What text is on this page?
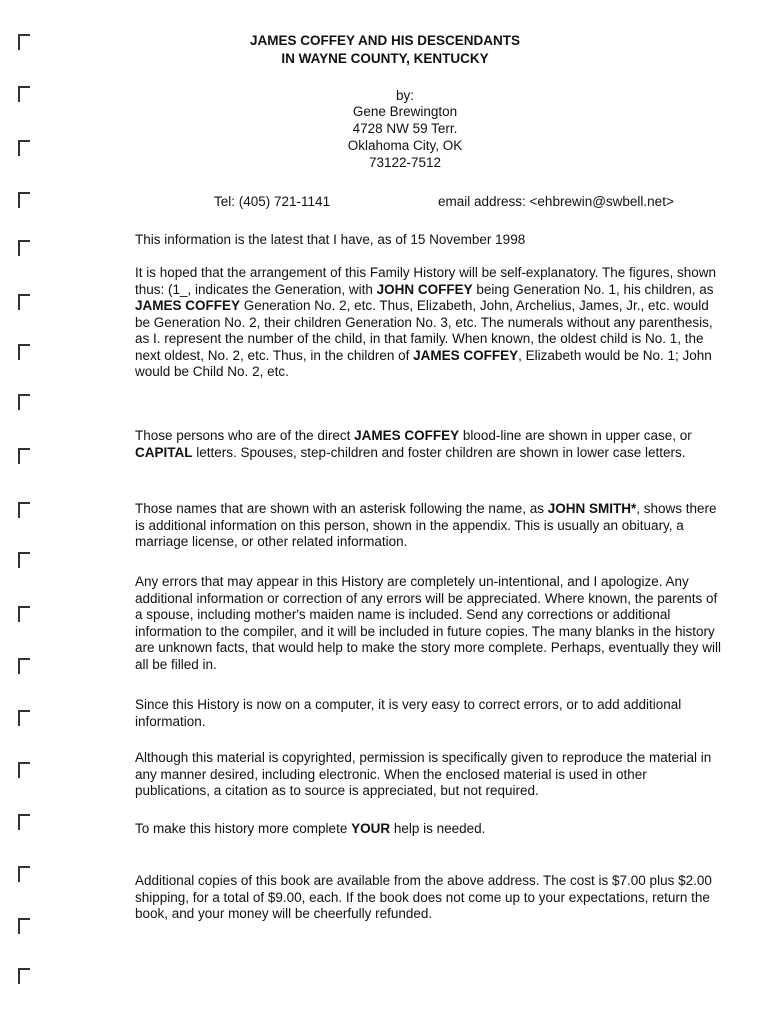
JAMES COFFEY AND HIS DESCENDANTS
IN WAYNE COUNTY, KENTUCKY
by:
Gene Brewington
4728 NW 59 Terr.
Oklahoma City, OK
73122-7512
Tel: (405) 721-1141	email address: <ehbrewin@swbell.net>
This information is the latest that I have, as of 15 November 1998
It is hoped that the arrangement of this Family History will be self-explanatory. The figures, shown thus: (1_, indicates the Generation, with JOHN COFFEY being Generation No. 1, his children, as JAMES COFFEY Generation No. 2, etc. Thus, Elizabeth, John, Archelius, James, Jr., etc. would be Generation No. 2, their children Generation No. 3, etc. The numerals without any parenthesis, as I. represent the number of the child, in that family. When known, the oldest child is No. 1, the next oldest, No. 2, etc. Thus, in the children of JAMES COFFEY, Elizabeth would be No. 1; John would be Child No. 2, etc.
Those persons who are of the direct JAMES COFFEY blood-line are shown in upper case, or CAPITAL letters. Spouses, step-children and foster children are shown in lower case letters.
Those names that are shown with an asterisk following the name, as JOHN SMITH*, shows there is additional information on this person, shown in the appendix. This is usually an obituary, a marriage license, or other related information.
Any errors that may appear in this History are completely un-intentional, and I apologize. Any additional information or correction of any errors will be appreciated. Where known, the parents of a spouse, including mother's maiden name is included. Send any corrections or additional information to the compiler, and it will be included in future copies. The many blanks in the history are unknown facts, that would help to make the story more complete. Perhaps, eventually they will all be filled in.
Since this History is now on a computer, it is very easy to correct errors, or to add additional information.
Although this material is copyrighted, permission is specifically given to reproduce the material in any manner desired, including electronic. When the enclosed material is used in other publications, a citation as to source is appreciated, but not required.
To make this history more complete YOUR help is needed.
Additional copies of this book are available from the above address. The cost is $7.00 plus $2.00 shipping, for a total of $9.00, each. If the book does not come up to your expectations, return the book, and your money will be cheerfully refunded.
